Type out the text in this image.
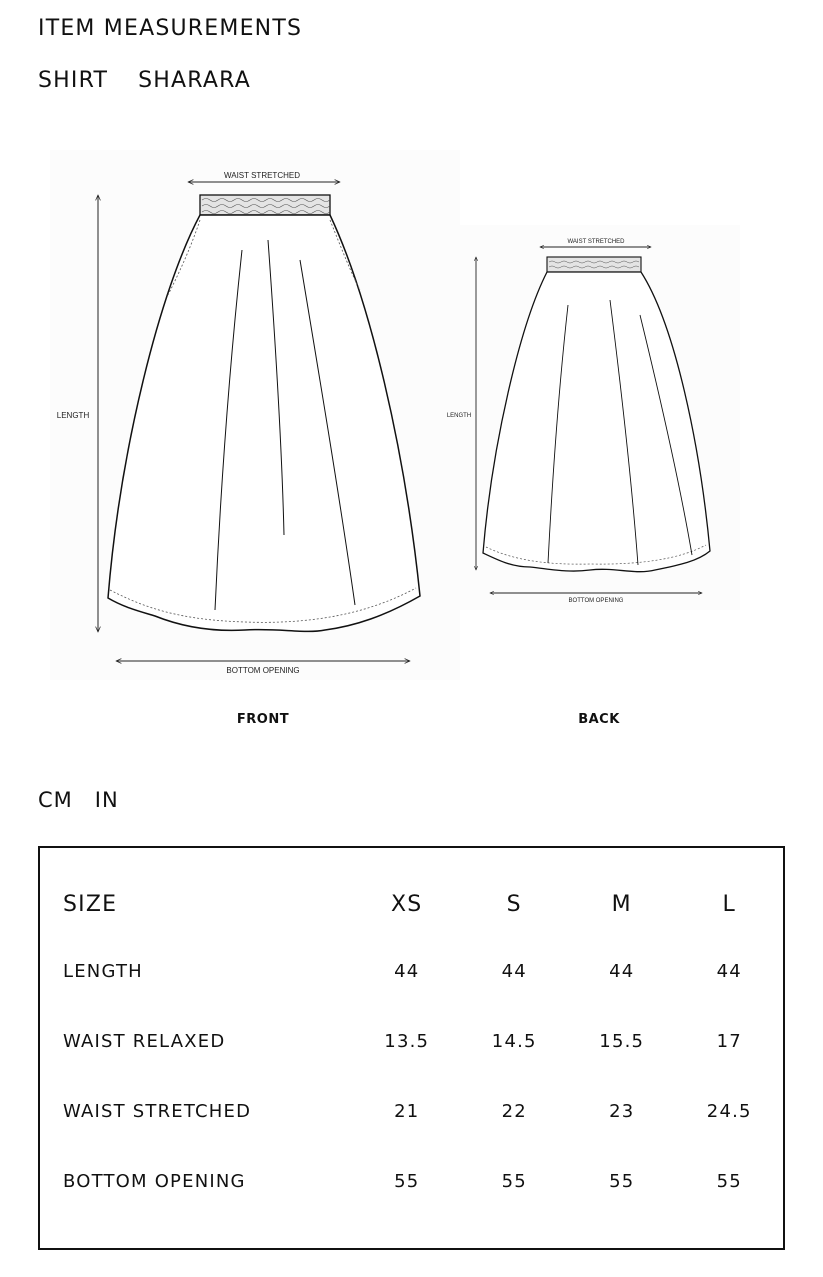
ITEM MEASUREMENTS
SHIRT SHARARA
WAIST STRETCHED
LENGTH
BOTTOM OPENING
FRONT
WAIST STRETCHED
LENGTH
BOTTOM OPENING
BACK
CM IN
SIZE	XS	S	M	L
LENGTH	44	44	44	44
WAIST RELAXED	13.5	14.5	15.5	17
WAIST STRETCHED	21	22	23	24.5
BOTTOM OPENING	55	55	55	55
